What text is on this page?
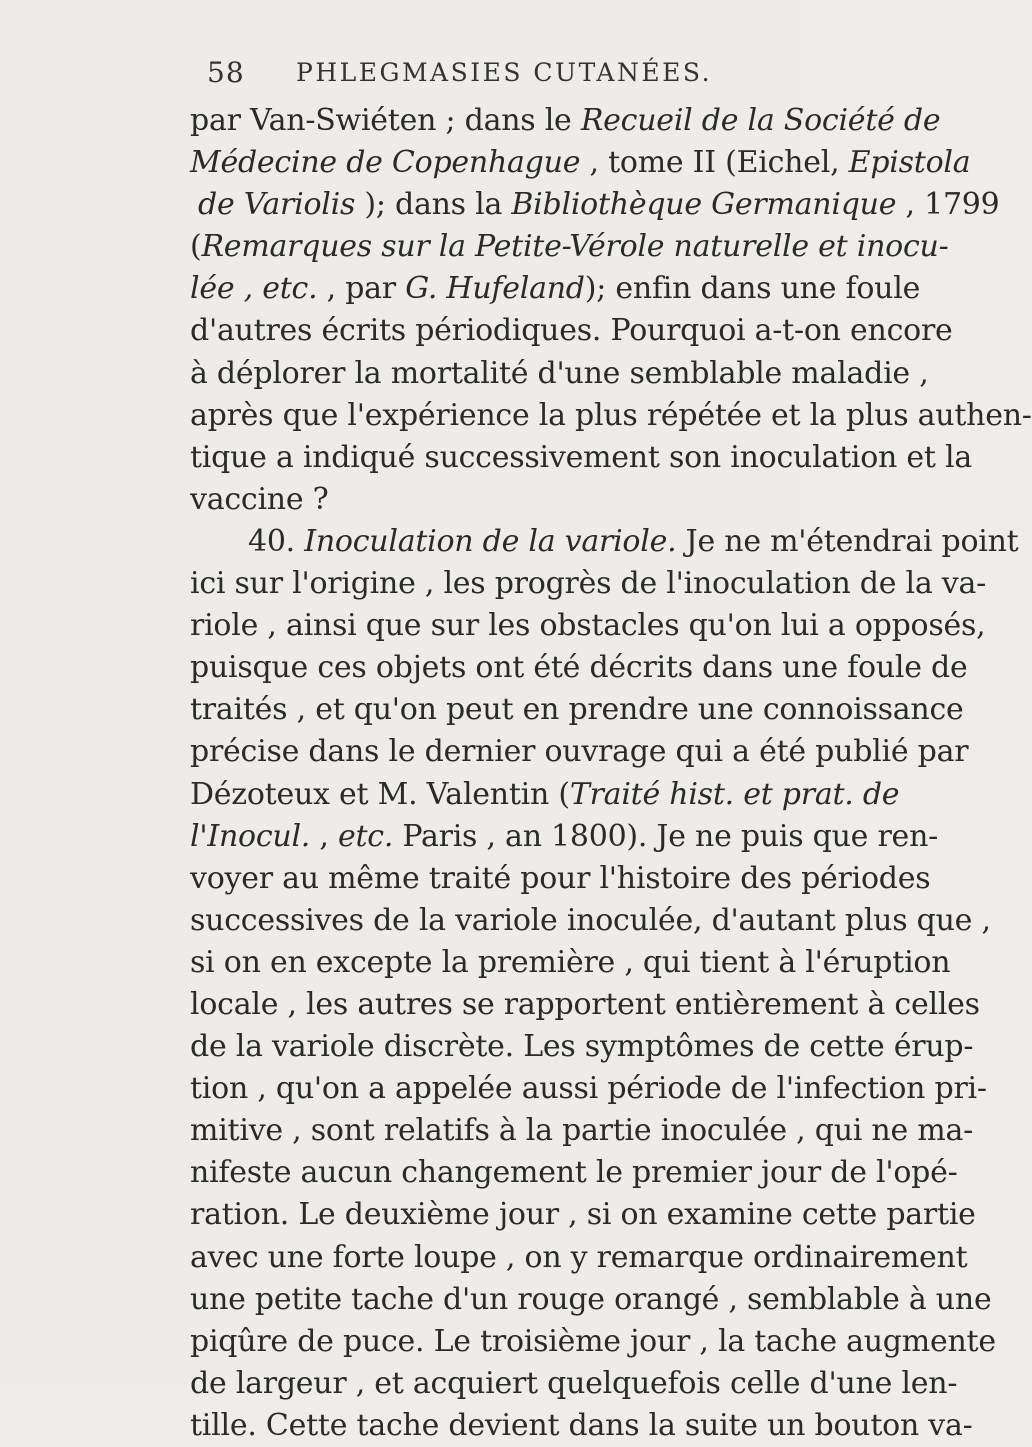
58 PHLEGMASIES CUTANÉES.
par Van-Swiéten ; dans le Recueil de la Société de
Médecine de Copenhague , tome II (Eichel, Epistola
de Variolis ); dans la Bibliothèque Germanique , 1799
(Remarques sur la Petite-Vérole naturelle et inocu-
lée , etc. , par G. Hufeland); enfin dans une foule
d'autres écrits périodiques. Pourquoi a-t-on encore
à déplorer la mortalité d'une semblable maladie ,
après que l'expérience la plus répétée et la plus authen-
tique a indiqué successivement son inoculation et la
vaccine ?
40. Inoculation de la variole. Je ne m'étendrai point
ici sur l'origine , les progrès de l'inoculation de la va-
riole , ainsi que sur les obstacles qu'on lui a opposés,
puisque ces objets ont été décrits dans une foule de
traités , et qu'on peut en prendre une connoissance
précise dans le dernier ouvrage qui a été publié par
Dézoteux et M. Valentin (Traité hist. et prat. de
l'Inocul. , etc. Paris , an 1800). Je ne puis que ren-
voyer au même traité pour l'histoire des périodes
successives de la variole inoculée, d'autant plus que ,
si on en excepte la première , qui tient à l'éruption
locale , les autres se rapportent entièrement à celles
de la variole discrète. Les symptômes de cette érup-
tion , qu'on a appelée aussi période de l'infection pri-
mitive , sont relatifs à la partie inoculée , qui ne ma-
nifeste aucun changement le premier jour de l'opé-
ration. Le deuxième jour , si on examine cette partie
avec une forte loupe , on y remarque ordinairement
une petite tache d'un rouge orangé , semblable à une
piqûre de puce. Le troisième jour , la tache augmente
de largeur , et acquiert quelquefois celle d'une len-
tille. Cette tache devient dans la suite un bouton va-
